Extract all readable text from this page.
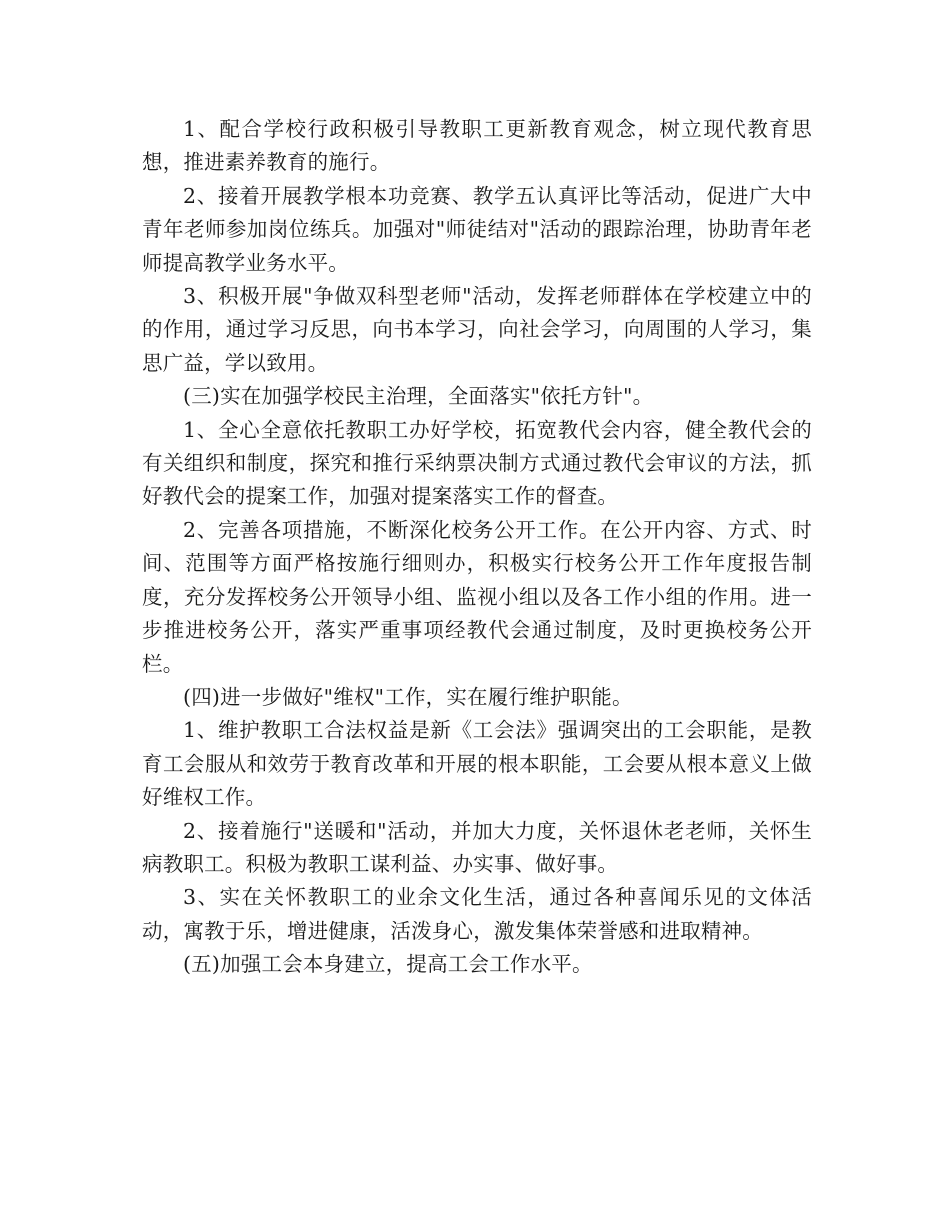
1、配合学校行政积极引导教职工更新教育观念，树立现代教育思想，推进素养教育的施行。

2、接着开展教学根本功竞赛、教学五认真评比等活动，促进广大中青年老师参加岗位练兵。加强对"师徒结对"活动的跟踪治理，协助青年老师提高教学业务水平。

3、积极开展"争做双科型老师"活动，发挥老师群体在学校建立中的的作用，通过学习反思，向书本学习，向社会学习，向周围的人学习，集思广益，学以致用。

(三)实在加强学校民主治理，全面落实"依托方针"。

1、全心全意依托教职工办好学校，拓宽教代会内容，健全教代会的有关组织和制度，探究和推行采纳票决制方式通过教代会审议的方法，抓好教代会的提案工作，加强对提案落实工作的督查。

2、完善各项措施，不断深化校务公开工作。在公开内容、方式、时间、范围等方面严格按施行细则办，积极实行校务公开工作年度报告制度，充分发挥校务公开领导小组、监视小组以及各工作小组的作用。进一步推进校务公开，落实严重事项经教代会通过制度，及时更换校务公开栏。

(四)进一步做好"维权"工作，实在履行维护职能。

1、维护教职工合法权益是新《工会法》强调突出的工会职能，是教育工会服从和效劳于教育改革和开展的根本职能，工会要从根本意义上做好维权工作。

2、接着施行"送暖和"活动，并加大力度，关怀退休老老师，关怀生病教职工。积极为教职工谋利益、办实事、做好事。

3、实在关怀教职工的业余文化生活，通过各种喜闻乐见的文体活动，寓教于乐，增进健康，活泼身心，激发集体荣誉感和进取精神。

(五)加强工会本身建立，提高工会工作水平。
